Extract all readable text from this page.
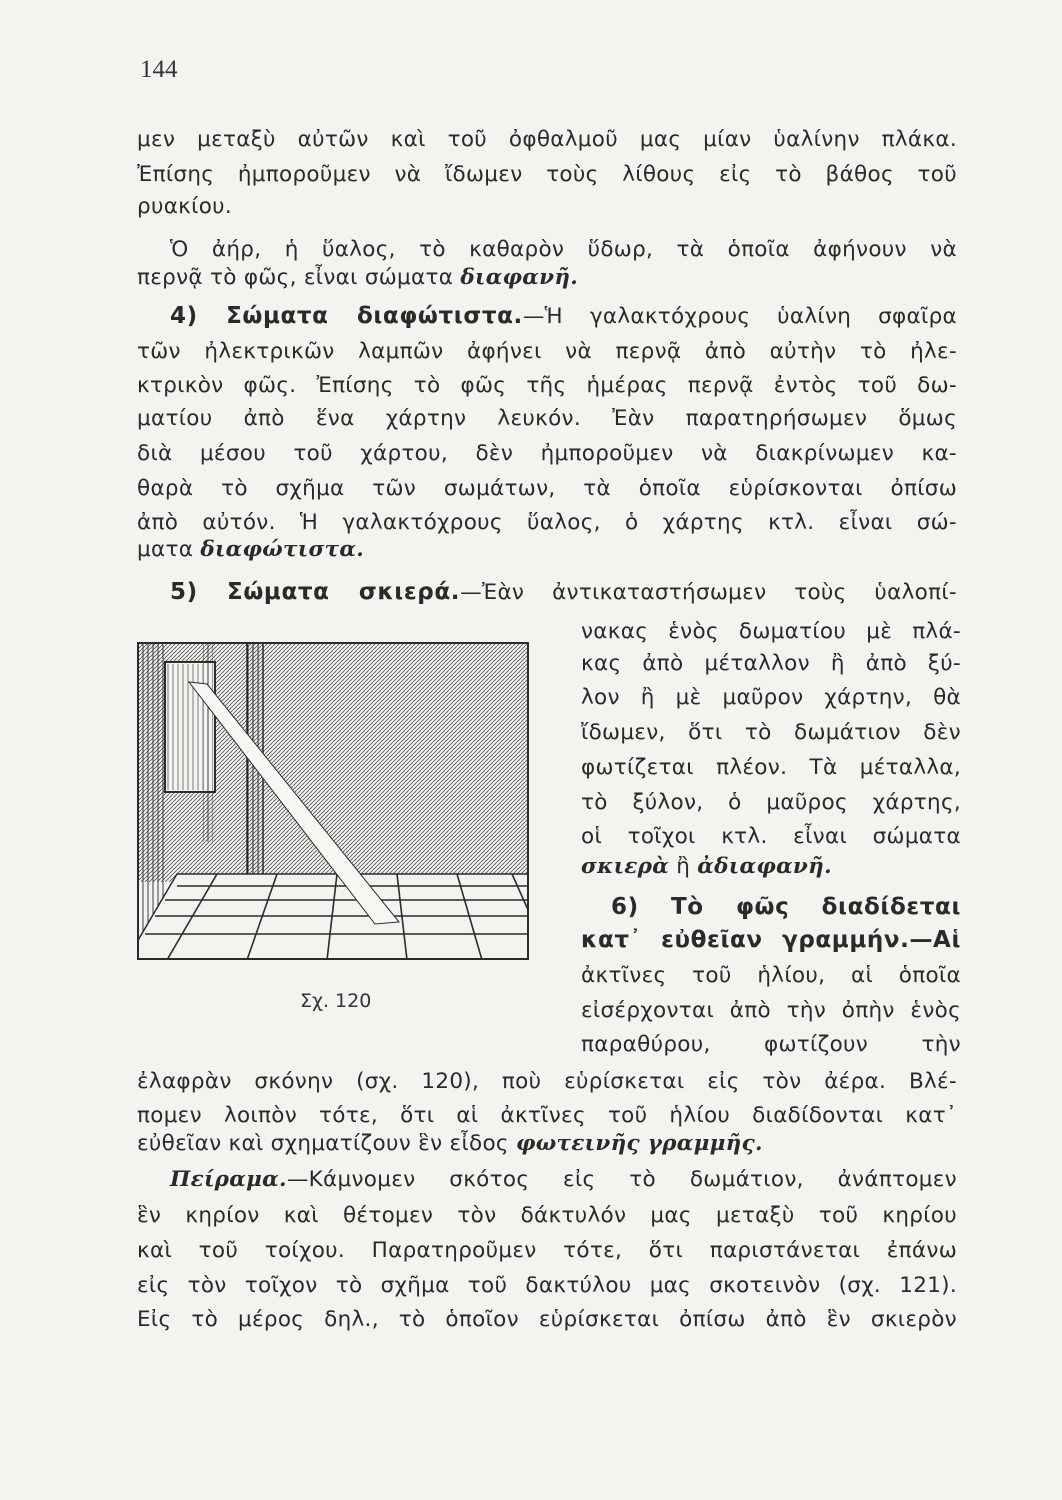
144
μεν μεταξὺ αὐτῶν καὶ τοῦ ὀφθαλμοῦ μας μίαν ὑαλίνην πλάκα.
Ἐπίσης ἠμποροῦμεν νὰ ἴδωμεν τοὺς λίθους εἰς τὸ βάθος τοῦ
ρυακίου.
Ὁ ἀήρ, ἡ ὕαλος, τὸ καθαρὸν ὕδωρ, τὰ ὁποῖα ἀφήνουν νὰ
περνᾷ τὸ φῶς, εἶναι σώματα διαφανῆ.
4) Σώματα διαφώτιστα.—Ἡ γαλακτόχρους ὑαλίνη σφαῖρα
τῶν ἠλεκτρικῶν λαμπῶν ἀφήνει νὰ περνᾷ ἀπὸ αὐτὴν τὸ ἠλε-
κτρικὸν φῶς. Ἐπίσης τὸ φῶς τῆς ἡμέρας περνᾷ ἐντὸς τοῦ δω-
ματίου ἀπὸ ἕνα χάρτην λευκόν. Ἐὰν παρατηρήσωμεν ὅμως
διὰ μέσου τοῦ χάρτου, δὲν ἠμποροῦμεν νὰ διακρίνωμεν κα-
θαρὰ τὸ σχῆμα τῶν σωμάτων, τὰ ὁποῖα εὑρίσκονται ὀπίσω
ἀπὸ αὐτόν. Ἡ γαλακτόχρους ὕαλος, ὁ χάρτης κτλ. εἶναι σώ-
ματα διαφώτιστα.
5) Σώματα σκιερά.—Ἐὰν ἀντικαταστήσωμεν τοὺς ὑαλοπί-
νακας ἑνὸς δωματίου μὲ πλά-
κας ἀπὸ μέταλλον ἢ ἀπὸ ξύ-
λον ἢ μὲ μαῦρον χάρτην, θὰ
ἴδωμεν, ὅτι τὸ δωμάτιον δὲν
φωτίζεται πλέον. Τὰ μέταλλα,
τὸ ξύλον, ὁ μαῦρος χάρτης,
οἱ τοῖχοι κτλ. εἶναι σώματα
σκιερὰ ἢ ἀδιαφανῆ.
6) Τὸ φῶς διαδίδεται
κατ᾽ εὐθεῖαν γραμμήν.—Αἱ
ἀκτῖνες τοῦ ἡλίου, αἱ ὁποῖα
εἰσέρχονται ἀπὸ τὴν ὀπὴν ἑνὸς
παραθύρου, φωτίζουν τὴν
Σχ. 120
ἐλαφρὰν σκόνην (σχ. 120), ποὺ εὑρίσκεται εἰς τὸν ἀέρα. Βλέ-
πομεν λοιπὸν τότε, ὅτι αἱ ἀκτῖνες τοῦ ἡλίου διαδίδονται κατ᾽
εὐθεῖαν καὶ σχηματίζουν ἓν εἶδος φωτεινῆς γραμμῆς.
Πείραμα.—Κάμνομεν σκότος εἰς τὸ δωμάτιον, ἀνάπτομεν
ἓν κηρίον καὶ θέτομεν τὸν δάκτυλόν μας μεταξὺ τοῦ κηρίου
καὶ τοῦ τοίχου. Παρατηροῦμεν τότε, ὅτι παριστάνεται ἐπάνω
εἰς τὸν τοῖχον τὸ σχῆμα τοῦ δακτύλου μας σκοτεινὸν (σχ. 121).
Εἰς τὸ μέρος δηλ., τὸ ὁποῖον εὑρίσκεται ὀπίσω ἀπὸ ἓν σκιερὸν
